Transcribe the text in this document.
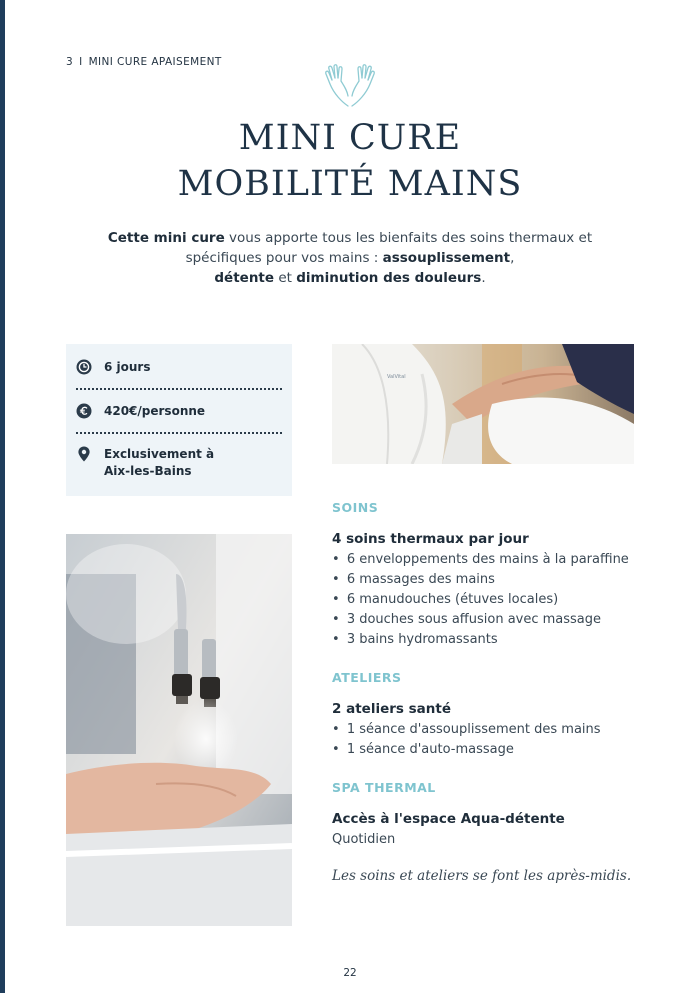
3 I MINI CURE APAISEMENT
MINI CURE
MOBILITÉ MAINS
Cette mini cure vous apporte tous les bienfaits des soins thermaux et spécifiques pour vos mains : assouplissement,
détente et diminution des douleurs.
6 jours
420€/personne
Exclusivement à
Aix-les-Bains
ValVital
SOINS
4 soins thermaux par jour
• 6 enveloppements des mains à la paraffine
• 6 massages des mains
• 6 manudouches (étuves locales)
• 3 douches sous affusion avec massage
• 3 bains hydromassants
ATELIERS
2 ateliers santé
• 1 séance d'assouplissement des mains
• 1 séance d'auto-massage
SPA THERMAL
Accès à l'espace Aqua-détente
Quotidien
Les soins et ateliers se font les après-midis.
22
